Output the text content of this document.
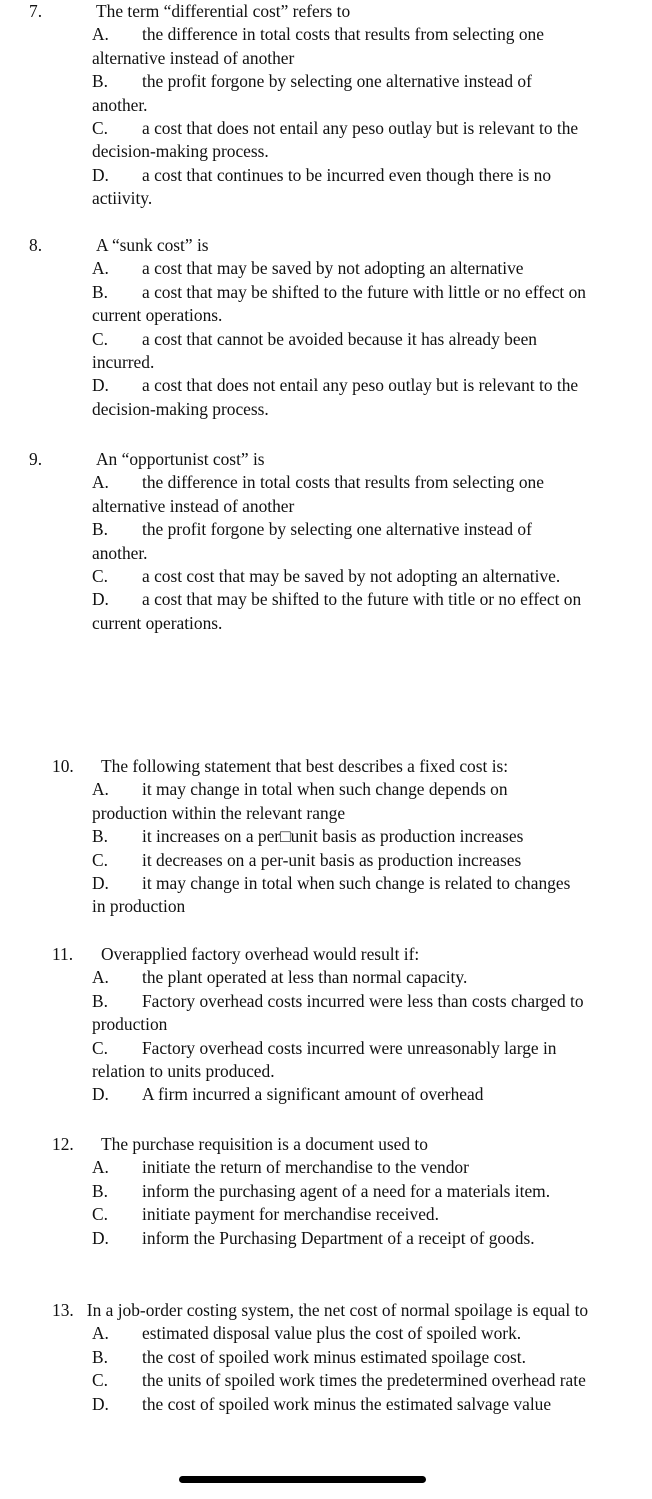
7.	The term “differential cost” refers to
A. the difference in total costs that results from selecting one alternative instead of another
B. the profit forgone by selecting one alternative instead of another.
C. a cost that does not entail any peso outlay but is relevant to the decision-making process.
D. a cost that continues to be incurred even though there is no actiivity.
8.	A “sunk cost” is
A. a cost that may be saved by not adopting an alternative
B. a cost that may be shifted to the future with little or no effect on current operations.
C. a cost that cannot be avoided because it has already been incurred.
D. a cost that does not entail any peso outlay but is relevant to the decision-making process.
9.	An “opportunist cost” is
A. the difference in total costs that results from selecting one alternative instead of another
B. the profit forgone by selecting one alternative instead of another.
C. a cost cost that may be saved by not adopting an alternative.
D. a cost that may be shifted to the future with title or no effect on current operations.
10. The following statement that best describes a fixed cost is:
A. it may change in total when such change depends on production within the relevant range
B. it increases on a per□unit basis as production increases
C. it decreases on a per-unit basis as production increases
D. it may change in total when such change is related to changes in production
11. Overapplied factory overhead would result if:
A. the plant operated at less than normal capacity.
B. Factory overhead costs incurred were less than costs charged to production
C. Factory overhead costs incurred were unreasonably large in relation to units produced.
D. A firm incurred a significant amount of overhead
12. The purchase requisition is a document used to
A. initiate the return of merchandise to the vendor
B. inform the purchasing agent of a need for a materials item.
C. initiate payment for merchandise received.
D. inform the Purchasing Department of a receipt of goods.
13. In a job-order costing system, the net cost of normal spoilage is equal to
A. estimated disposal value plus the cost of spoiled work.
B. the cost of spoiled work minus estimated spoilage cost.
C. the units of spoiled work times the predetermined overhead rate
D. the cost of spoiled work minus the estimated salvage value
